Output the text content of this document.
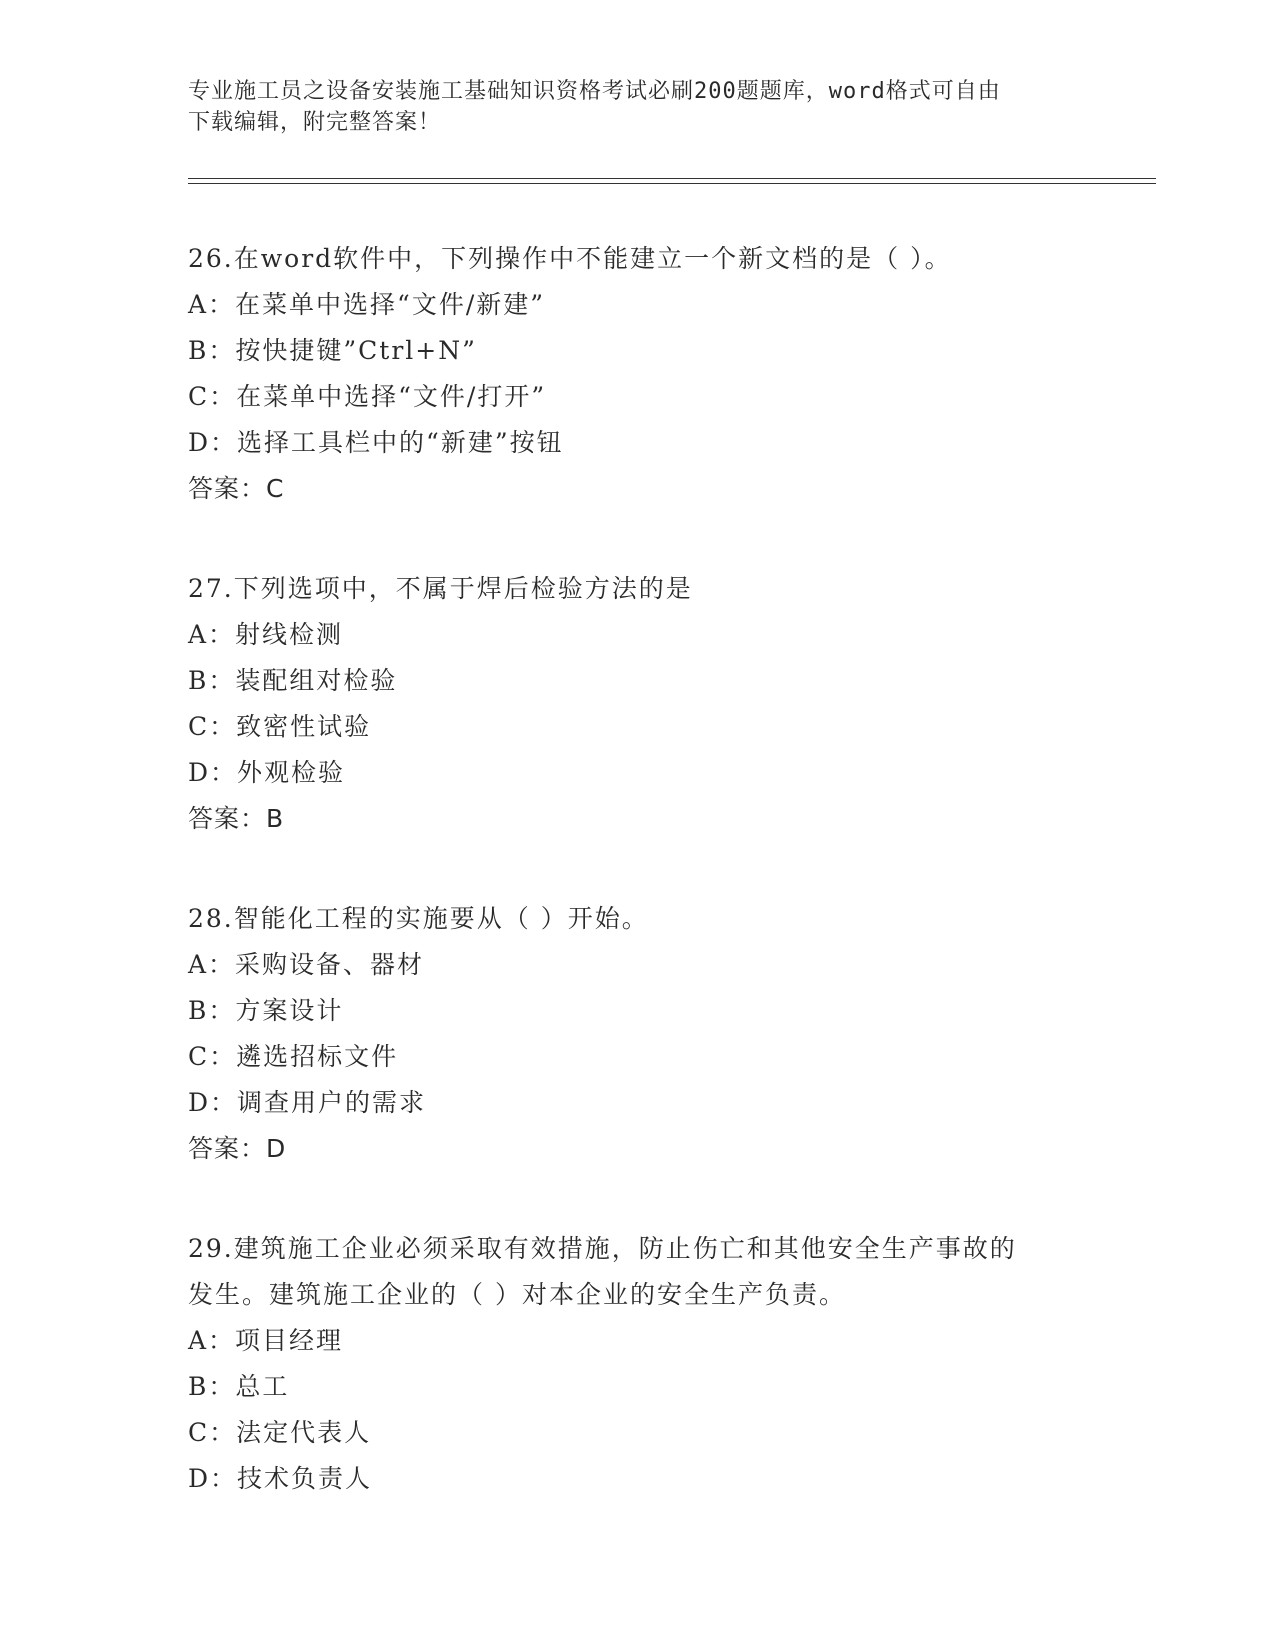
专业施工员之设备安装施工基础知识资格考试必刷200题题库，word格式可自由
下载编辑，附完整答案！
26.在word软件中，下列操作中不能建立一个新文档的是（ ）。
A：在菜单中选择“文件/新建”
B：按快捷键”Ctrl+N”
C：在菜单中选择“文件/打开”
D：选择工具栏中的“新建”按钮
答案：C
27.下列选项中，不属于焊后检验方法的是
A：射线检测
B：装配组对检验
C：致密性试验
D：外观检验
答案：B
28.智能化工程的实施要从（ ）开始。
A：采购设备、器材
B：方案设计
C：遴选招标文件
D：调查用户的需求
答案：D
29.建筑施工企业必须采取有效措施，防止伤亡和其他安全生产事故的
发生。建筑施工企业的（ ）对本企业的安全生产负责。
A：项目经理
B：总工
C：法定代表人
D：技术负责人
